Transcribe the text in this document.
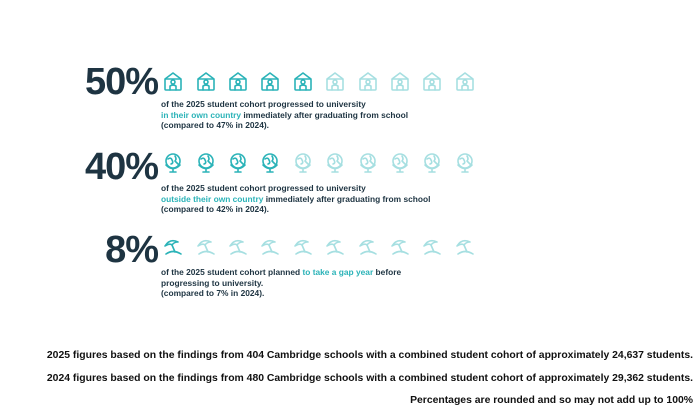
50%
of the 2025 student cohort progressed to university
in their own country immediately after graduating from school
(compared to 47% in 2024).
40% of the 2025 student cohort progressed to university
outside their own country immediately after graduating from school
(compared to 42% in 2024).
8%
of the 2025 student cohort planned to take a gap year before
progressing to university.
(compared to 7% in 2024).
2025 figures based on the findings from 404 Cambridge schools with a combined student cohort of approximately 24,637 students.
2024 figures based on the findings from 480 Cambridge schools with a combined student cohort of approximately 29,362 students.
Percentages are rounded and so may not add up to 100%
